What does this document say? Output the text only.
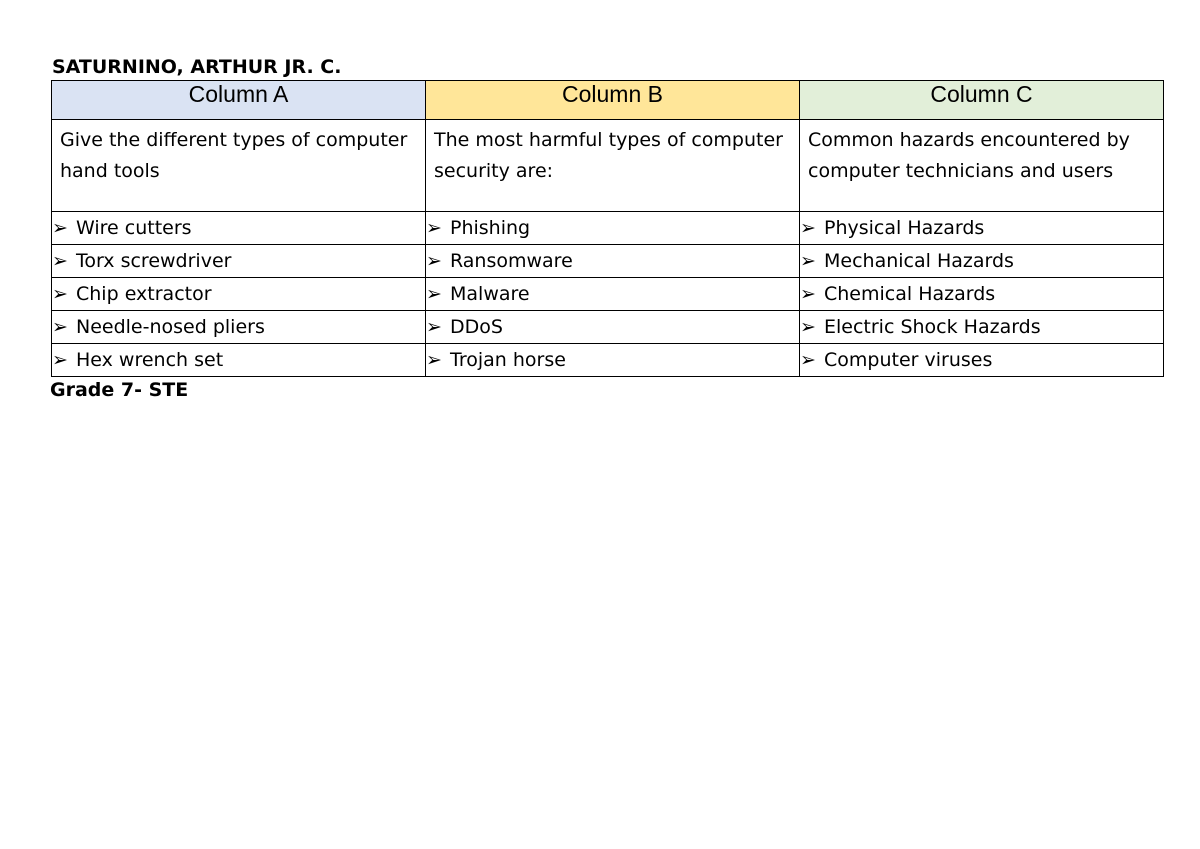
SATURNINO, ARTHUR JR. C.
Column A	Column B	Column C
Give the different types of computer hand tools	The most harmful types of computer security are:	Common hazards encountered by computer technicians and users
➢ Wire cutters	➢ Phishing	➢ Physical Hazards
➢ Torx screwdriver	➢ Ransomware	➢ Mechanical Hazards
➢ Chip extractor	➢ Malware	➢ Chemical Hazards
➢ Needle-nosed pliers	➢ DDoS	➢ Electric Shock Hazards
➢ Hex wrench set	➢ Trojan horse	➢ Computer viruses
Grade 7- STE
